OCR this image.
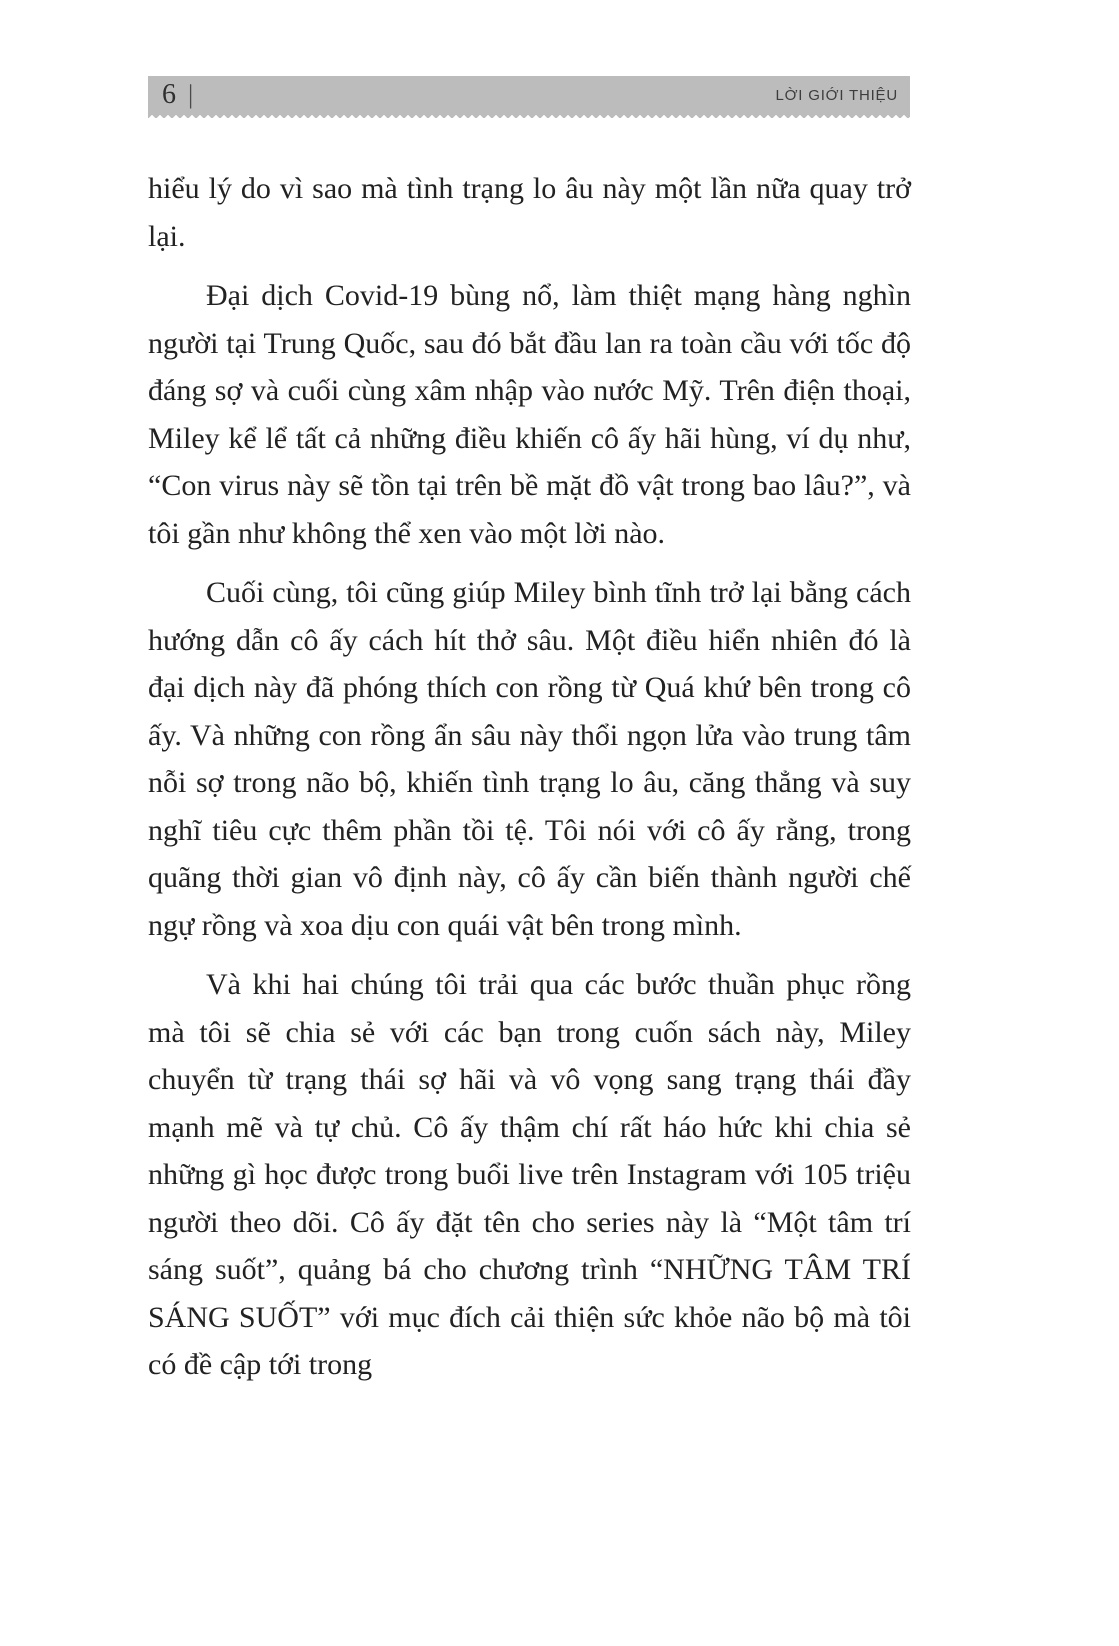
6 |	LỜI GIỚI THIỆU

hiểu lý do vì sao mà tình trạng lo âu này một lần nữa quay trở lại.

Đại dịch Covid-19 bùng nổ, làm thiệt mạng hàng nghìn người tại Trung Quốc, sau đó bắt đầu lan ra toàn cầu với tốc độ đáng sợ và cuối cùng xâm nhập vào nước Mỹ. Trên điện thoại, Miley kể lể tất cả những điều khiến cô ấy hãi hùng, ví dụ như, “Con virus này sẽ tồn tại trên bề mặt đồ vật trong bao lâu?”, và tôi gần như không thể xen vào một lời nào.

Cuối cùng, tôi cũng giúp Miley bình tĩnh trở lại bằng cách hướng dẫn cô ấy cách hít thở sâu. Một điều hiển nhiên đó là đại dịch này đã phóng thích con rồng từ Quá khứ bên trong cô ấy. Và những con rồng ẩn sâu này thổi ngọn lửa vào trung tâm nỗi sợ trong não bộ, khiến tình trạng lo âu, căng thẳng và suy nghĩ tiêu cực thêm phần tồi tệ. Tôi nói với cô ấy rằng, trong quãng thời gian vô định này, cô ấy cần biến thành người chế ngự rồng và xoa dịu con quái vật bên trong mình.

Và khi hai chúng tôi trải qua các bước thuần phục rồng mà tôi sẽ chia sẻ với các bạn trong cuốn sách này, Miley chuyển từ trạng thái sợ hãi và vô vọng sang trạng thái đầy mạnh mẽ và tự chủ. Cô ấy thậm chí rất háo hức khi chia sẻ những gì học được trong buổi live trên Instagram với 105 triệu người theo dõi. Cô ấy đặt tên cho series này là “Một tâm trí sáng suốt”, quảng bá cho chương trình “NHỮNG TÂM TRÍ SÁNG SUỐT” với mục đích cải thiện sức khỏe não bộ mà tôi có đề cập tới trong
